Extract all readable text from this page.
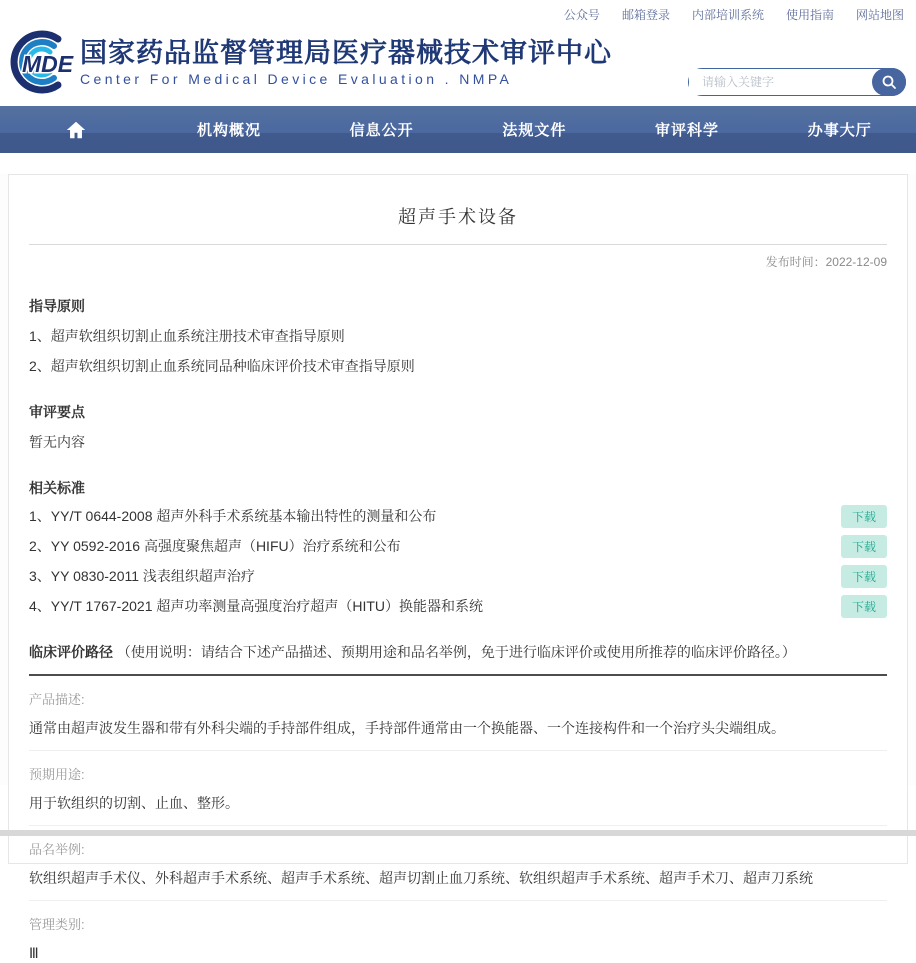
公众号 邮箱登录 内部培训系统 使用指南 网站地图
MDE 国家药品监督管理局医疗器械技术审评中心
Center For Medical Device Evaluation . NMPA
请输入关键字
机构概况	信息公开	法规文件	审评科学	办事大厅
超声手术设备
发布时间：2022-12-09
指导原则
1、超声软组织切割止血系统注册技术审查指导原则
2、超声软组织切割止血系统同品种临床评价技术审查指导原则
审评要点
暂无内容
相关标准
1、YY/T 0644-2008 超声外科手术系统基本输出特性的测量和公布	下载
2、YY 0592-2016 高强度聚焦超声（HIFU）治疗系统和公布	下载
3、YY 0830-2011 浅表组织超声治疗	下载
4、YY/T 1767-2021 超声功率测量高强度治疗超声（HITU）换能器和系统	下载
临床评价路径 （使用说明：请结合下述产品描述、预期用途和品名举例，免于进行临床评价或使用所推荐的临床评价路径。）
产品描述:
通常由超声波发生器和带有外科尖端的手持部件组成，手持部件通常由一个换能器、一个连接构件和一个治疗头尖端组成。
预期用途:
用于软组织的切割、止血、整形。
品名举例:
软组织超声手术仪、外科超声手术系统、超声手术系统、超声切割止血刀系统、软组织超声手术系统、超声手术刀、超声刀系统
管理类别:
Ⅲ
